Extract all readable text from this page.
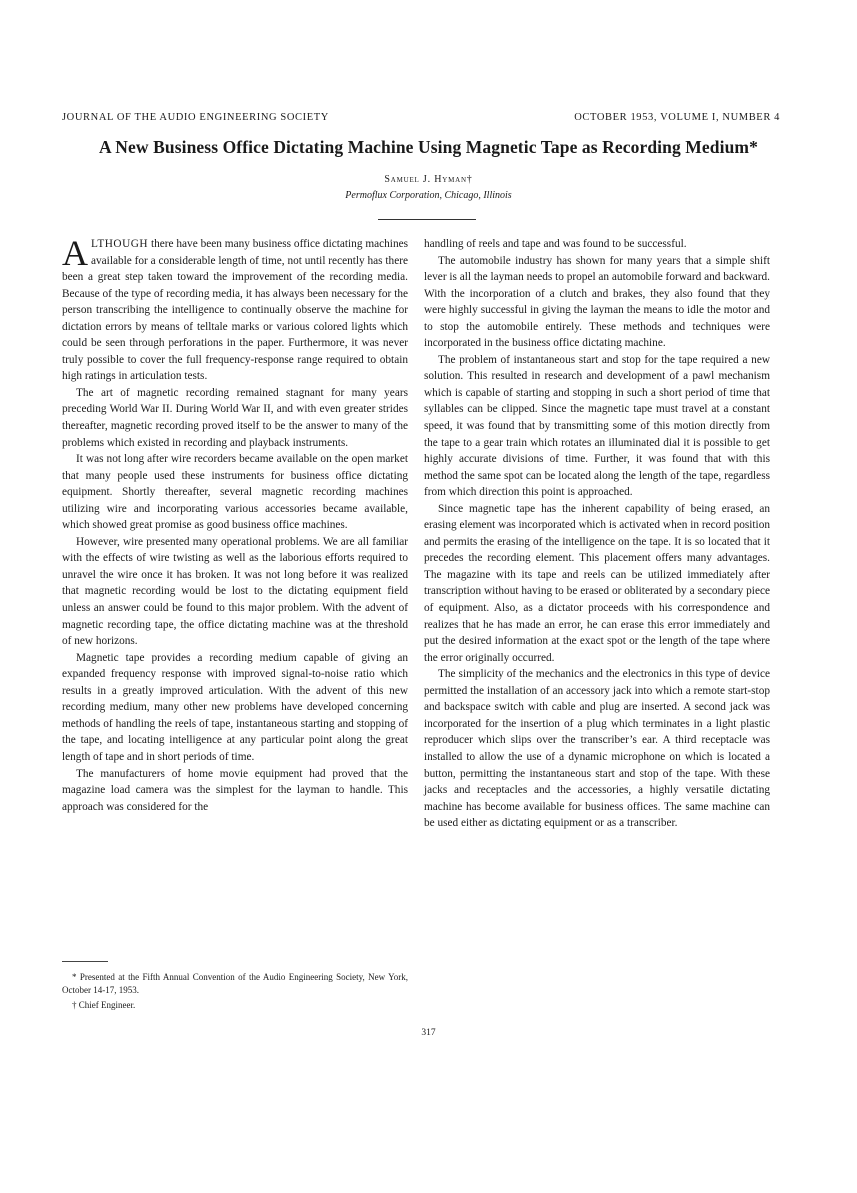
JOURNAL OF THE AUDIO ENGINEERING SOCIETY	OCTOBER 1953, VOLUME I, NUMBER 4
A New Business Office Dictating Machine Using Magnetic Tape as Recording Medium*
Samuel J. Hyman†
Permoflux Corporation, Chicago, Illinois

ALTHOUGH there have been many business office dictating machines available for a considerable length of time, not until recently has there been a great step taken toward the improvement of the recording media. Because of the type of recording media, it has always been necessary for the person transcribing the intelligence to continually observe the machine for dictation errors by means of telltale marks or various colored lights which could be seen through perforations in the paper. Furthermore, it was never truly possible to cover the full frequency-response range required to obtain high ratings in articulation tests.

The art of magnetic recording remained stagnant for many years preceding World War II. During World War II, and with even greater strides thereafter, magnetic recording proved itself to be the answer to many of the problems which existed in recording and playback instruments.

It was not long after wire recorders became available on the open market that many people used these instruments for business office dictating equipment. Shortly thereafter, several magnetic recording machines utilizing wire and incorporating various accessories became available, which showed great promise as good business office machines.

However, wire presented many operational problems. We are all familiar with the effects of wire twisting as well as the laborious efforts required to unravel the wire once it has broken. It was not long before it was realized that magnetic recording would be lost to the dictating equipment field unless an answer could be found to this major problem. With the advent of magnetic recording tape, the office dictating machine was at the threshold of new horizons.

Magnetic tape provides a recording medium capable of giving an expanded frequency response with improved signal-to-noise ratio which results in a greatly improved articulation. With the advent of this new recording medium, many other new problems have developed concerning methods of handling the reels of tape, instantaneous starting and stopping of the tape, and locating intelligence at any particular point along the great length of tape and in short periods of time.

The manufacturers of home movie equipment had proved that the magazine load camera was the simplest for the layman to handle. This approach was considered for the

handling of reels and tape and was found to be successful.

The automobile industry has shown for many years that a simple shift lever is all the layman needs to propel an automobile forward and backward. With the incorporation of a clutch and brakes, they also found that they were highly successful in giving the layman the means to idle the motor and to stop the automobile entirely. These methods and techniques were incorporated in the business office dictating machine.

The problem of instantaneous start and stop for the tape required a new solution. This resulted in research and development of a pawl mechanism which is capable of starting and stopping in such a short period of time that syllables can be clipped. Since the magnetic tape must travel at a constant speed, it was found that by transmitting some of this motion directly from the tape to a gear train which rotates an illuminated dial it is possible to get highly accurate divisions of time. Further, it was found that with this method the same spot can be located along the length of the tape, regardless from which direction this point is approached.

Since magnetic tape has the inherent capability of being erased, an erasing element was incorporated which is activated when in record position and permits the erasing of the intelligence on the tape. It is so located that it precedes the recording element. This placement offers many advantages. The magazine with its tape and reels can be utilized immediately after transcription without having to be erased or obliterated by a secondary piece of equipment. Also, as a dictator proceeds with his correspondence and realizes that he has made an error, he can erase this error immediately and put the desired information at the exact spot or the length of the tape where the error originally occurred.

The simplicity of the mechanics and the electronics in this type of device permitted the installation of an accessory jack into which a remote start-stop and backspace switch with cable and plug are inserted. A second jack was incorporated for the insertion of a plug which terminates in a light plastic reproducer which slips over the transcriber’s ear. A third receptacle was installed to allow the use of a dynamic microphone on which is located a button, permitting the instantaneous start and stop of the tape. With these jacks and receptacles and the accessories, a highly versatile dictating machine has become available for business offices. The same machine can be used either as dictating equipment or as a transcriber.

* Presented at the Fifth Annual Convention of the Audio Engineering Society, New York, October 14-17, 1953.

† Chief Engineer.

317
